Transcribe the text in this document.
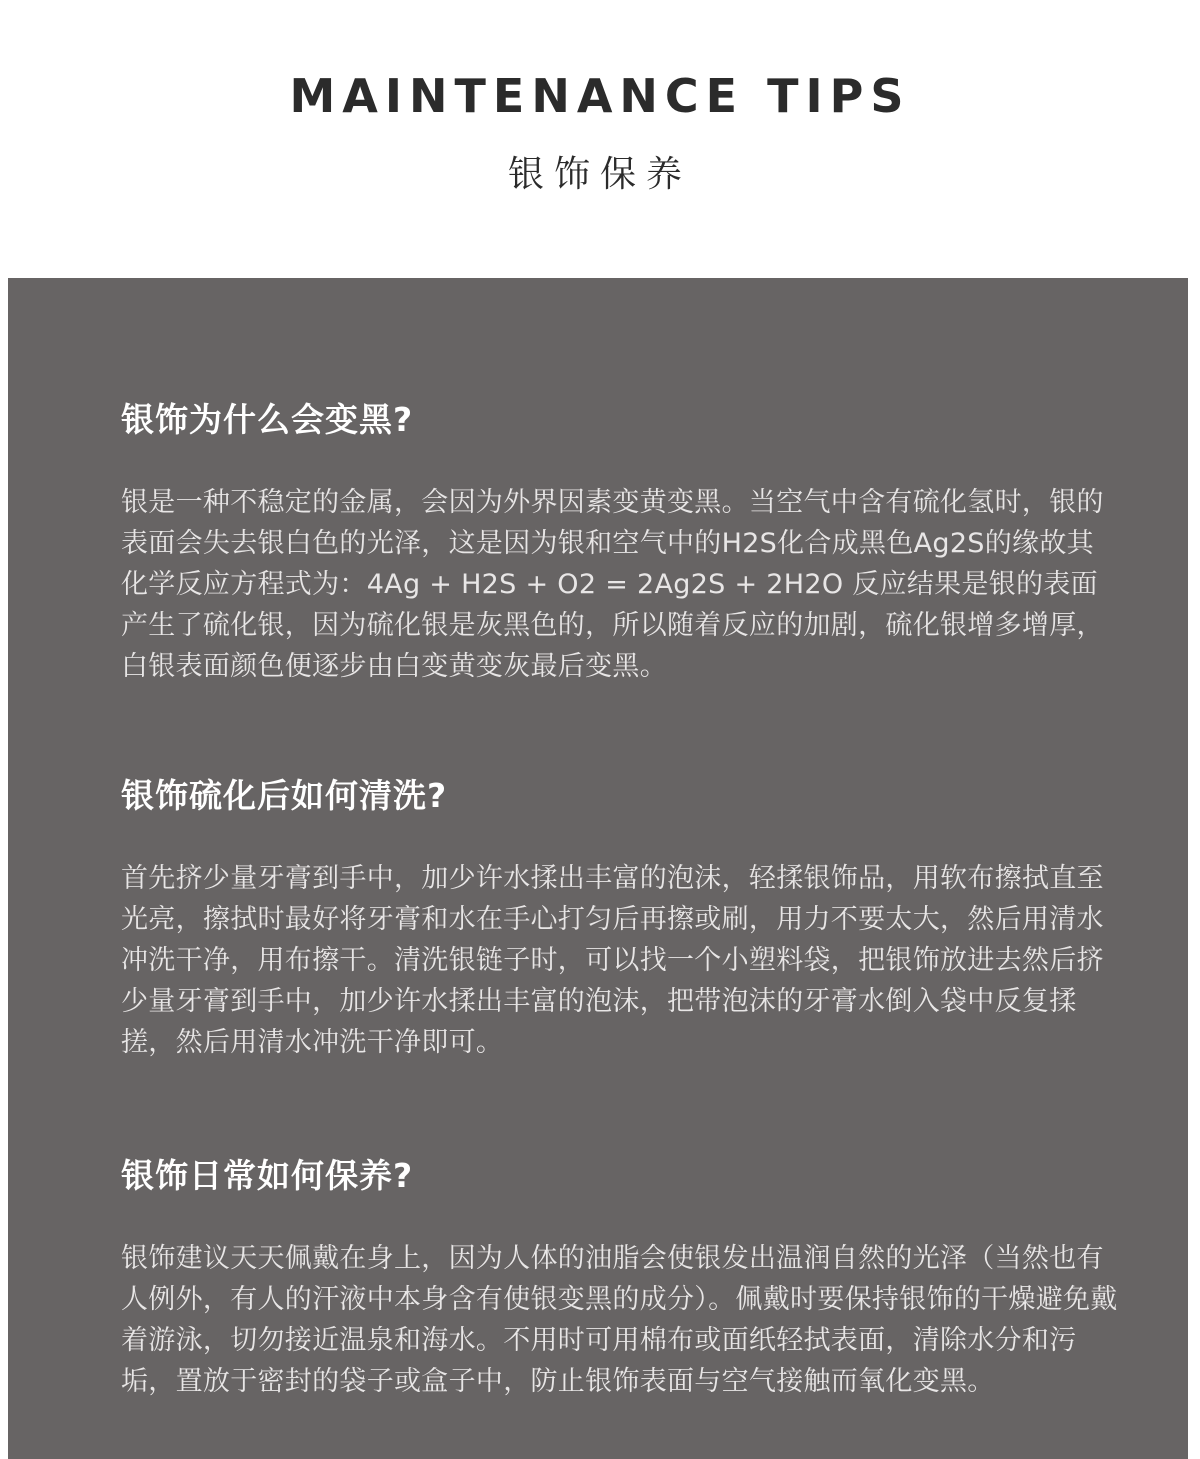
MAINTENANCE TIPS
银饰保养
银饰为什么会变黑?

银是一种不稳定的金属，会因为外界因素变黄变黑。当空气中含有硫化氢时，银的表面会失去银白色的光泽，这是因为银和空气中的H2S化合成黑色Ag2S的缘故其化学反应方程式为：4Ag + H2S + O2 = 2Ag2S + 2H2O 反应结果是银的表面产生了硫化银，因为硫化银是灰黑色的，所以随着反应的加剧，硫化银增多增厚，白银表面颜色便逐步由白变黄变灰最后变黑。

银饰硫化后如何清洗?

首先挤少量牙膏到手中，加少许水揉出丰富的泡沫，轻揉银饰品，用软布擦拭直至光亮，擦拭时最好将牙膏和水在手心打匀后再擦或刷，用力不要太大，然后用清水冲洗干净，用布擦干。清洗银链子时，可以找一个小塑料袋，把银饰放进去然后挤少量牙膏到手中，加少许水揉出丰富的泡沫，把带泡沫的牙膏水倒入袋中反复揉搓，然后用清水冲洗干净即可。

银饰日常如何保养?

银饰建议天天佩戴在身上，因为人体的油脂会使银发出温润自然的光泽（当然也有人例外，有人的汗液中本身含有使银变黑的成分）。佩戴时要保持银饰的干燥避免戴着游泳，切勿接近温泉和海水。不用时可用棉布或面纸轻拭表面，清除水分和污垢，置放于密封的袋子或盒子中，防止银饰表面与空气接触而氧化变黑。
